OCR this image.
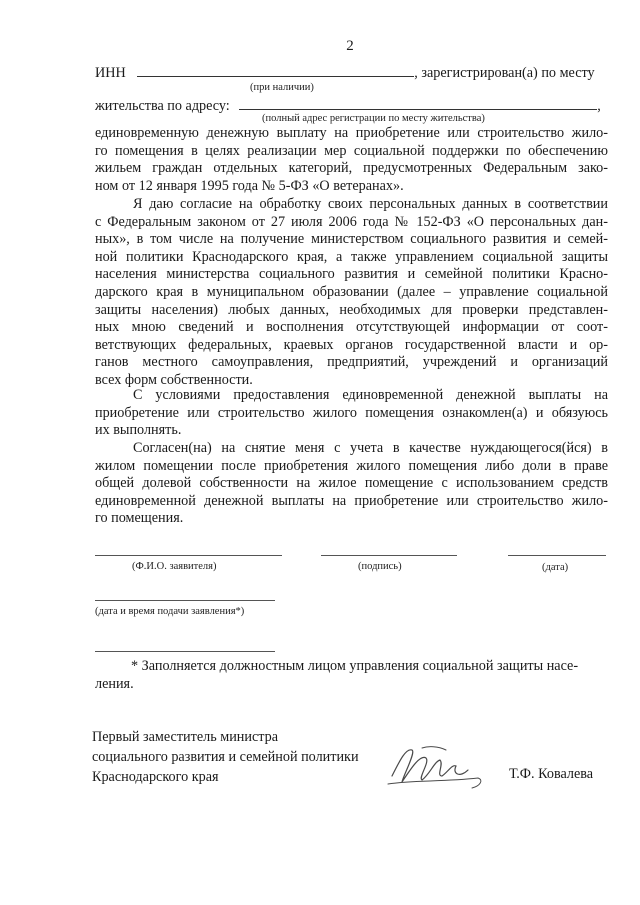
2
ИНН	, зарегистрирован(а) по месту
(при наличии)
жительства по адресу:	,
(полный адрес регистрации по месту жительства)
единовременную денежную выплату на приобретение или строительство жило-
го помещения в целях реализации мер социальной поддержки по обеспечению
жильем граждан отдельных категорий, предусмотренных Федеральным зако-
ном от 12 января 1995 года № 5-ФЗ «О ветеранах».
Я даю согласие на обработку своих персональных данных в соответствии
с Федеральным законом от 27 июля 2006 года № 152-ФЗ «О персональных дан-
ных», в том числе на получение министерством социального развития и семей-
ной политики Краснодарского края, а также управлением социальной защиты
населения министерства социального развития и семейной политики Красно-
дарского края в муниципальном образовании (далее – управление социальной
защиты населения) любых данных, необходимых для проверки представлен-
ных мною сведений и восполнения отсутствующей информации от соот-
ветствующих федеральных, краевых органов государственной власти и ор-
ганов местного самоуправления, предприятий, учреждений и организаций
всех форм собственности.
С условиями предоставления единовременной денежной выплаты на
приобретение или строительство жилого помещения ознакомлен(а) и обязуюсь
их выполнять.
Согласен(на) на снятие меня с учета в качестве нуждающегося(йся) в
жилом помещении после приобретения жилого помещения либо доли в праве
общей долевой собственности на жилое помещение с использованием средств
единовременной денежной выплаты на приобретение или строительство жило-
го помещения.
(Ф.И.О. заявителя)	(подпись)	(дата)
(дата и время подачи заявления*)
* Заполняется должностным лицом управления социальной защиты насе-
ления.
Первый заместитель министра
социального развития и семейной политики
Краснодарского края	Т.Ф. Ковалева
